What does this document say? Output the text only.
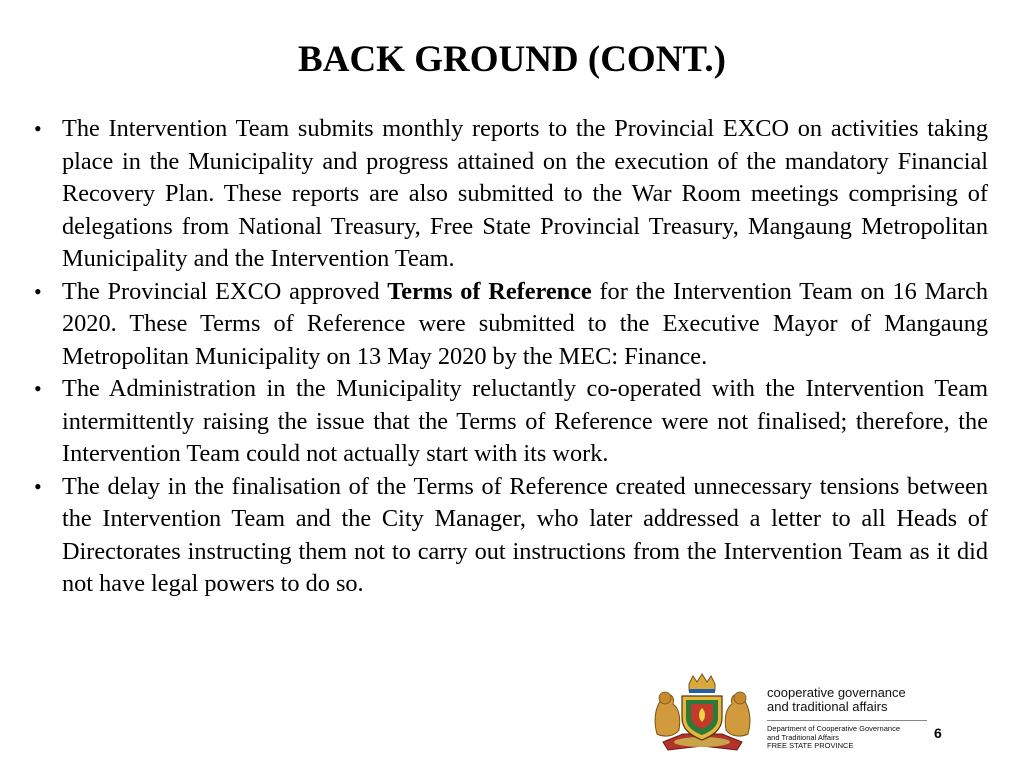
BACK GROUND (CONT.)
• The Intervention Team submits monthly reports to the Provincial EXCO on activities taking place in the Municipality and progress attained on the execution of the mandatory Financial Recovery Plan. These reports are also submitted to the War Room meetings comprising of delegations from National Treasury, Free State Provincial Treasury, Mangaung Metropolitan Municipality and the Intervention Team.
• The Provincial EXCO approved Terms of Reference for the Intervention Team on 16 March 2020. These Terms of Reference were submitted to the Executive Mayor of Mangaung Metropolitan Municipality on 13 May 2020 by the MEC: Finance.
• The Administration in the Municipality reluctantly co-operated with the Intervention Team intermittently raising the issue that the Terms of Reference were not finalised; therefore, the Intervention Team could not actually start with its work.
• The delay in the finalisation of the Terms of Reference created unnecessary tensions between the Intervention Team and the City Manager, who later addressed a letter to all Heads of Directorates instructing them not to carry out instructions from the Intervention Team as it did not have legal powers to do so.
cooperative governance
and traditional affairs
Department of Cooperative Governance
and Traditional Affairs
FREE STATE PROVINCE
6
